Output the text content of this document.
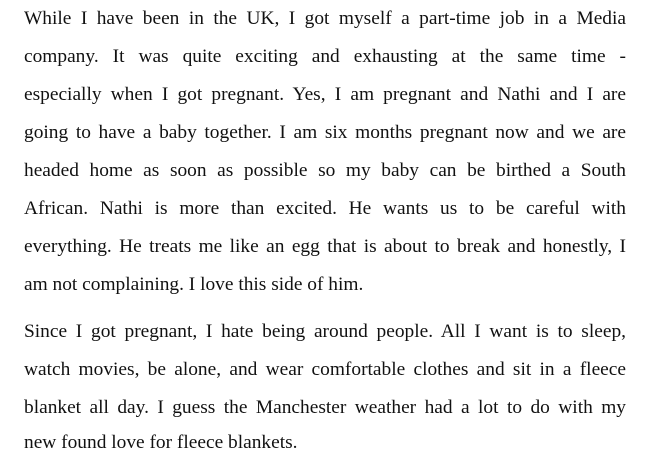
While I have been in the UK, I got myself a part-time job in a Media
company. It was quite exciting and exhausting at the same time -
especially when I got pregnant. Yes, I am pregnant and Nathi and I are
going to have a baby together. I am six months pregnant now and we are
headed home as soon as possible so my baby can be birthed a South
African. Nathi is more than excited. He wants us to be careful with
everything. He treats me like an egg that is about to break and honestly, I
am not complaining. I love this side of him.
Since I got pregnant, I hate being around people. All I want is to sleep,
watch movies, be alone, and wear comfortable clothes and sit in a fleece
blanket all day. I guess the Manchester weather had a lot to do with my
new found love for fleece blankets.
